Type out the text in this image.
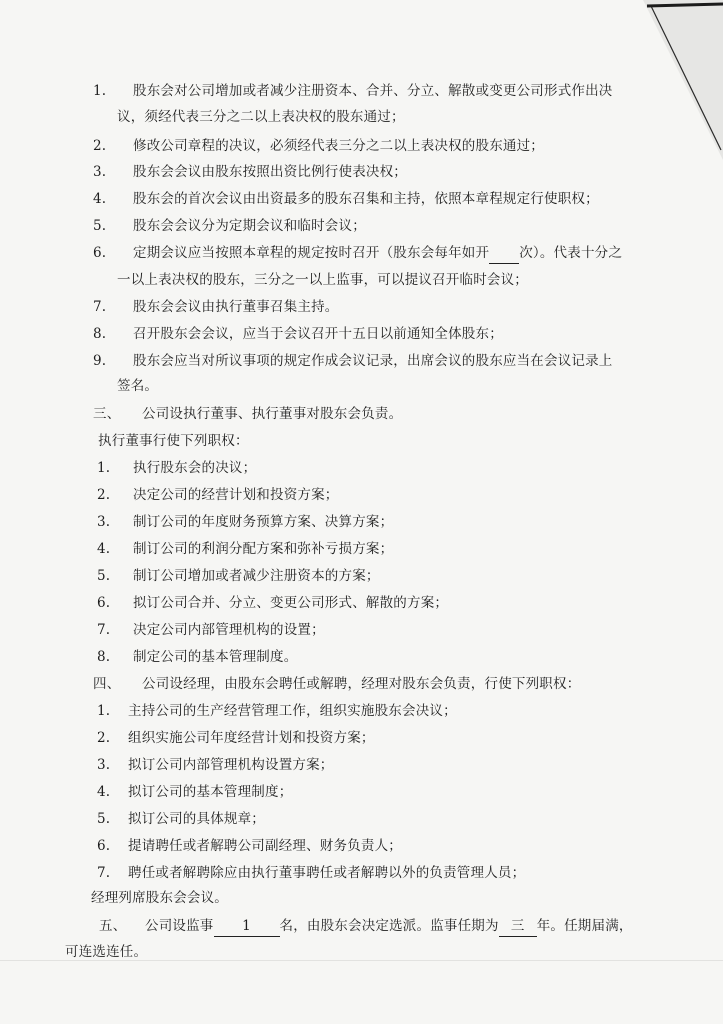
1. 股东会对公司增加或者减少注册资本、合并、分立、解散或变更公司形式作出决
议，须经代表三分之二以上表决权的股东通过；
2. 修改公司章程的决议，必须经代表三分之二以上表决权的股东通过；
3. 股东会会议由股东按照出资比例行使表决权；
4. 股东会的首次会议由出资最多的股东召集和主持，依照本章程规定行使职权；
5. 股东会会议分为定期会议和临时会议；
6. 定期会议应当按照本章程的规定按时召开（股东会每年如开 次）。代表十分之
一以上表决权的股东，三分之一以上监事，可以提议召开临时会议；
7. 股东会会议由执行董事召集主持。
8. 召开股东会会议，应当于会议召开十五日以前通知全体股东；
9. 股东会应当对所议事项的规定作成会议记录，出席会议的股东应当在会议记录上
签名。
三、 公司设执行董事、执行董事对股东会负责。
执行董事行使下列职权：
1. 执行股东会的决议；
2. 决定公司的经营计划和投资方案；
3. 制订公司的年度财务预算方案、决算方案；
4. 制订公司的利润分配方案和弥补亏损方案；
5. 制订公司增加或者减少注册资本的方案；
6. 拟订公司合并、分立、变更公司形式、解散的方案；
7. 决定公司内部管理机构的设置；
8. 制定公司的基本管理制度。
四、 公司设经理，由股东会聘任或解聘，经理对股东会负责，行使下列职权：
1. 主持公司的生产经营管理工作，组织实施股东会决议；
2. 组织实施公司年度经营计划和投资方案；
3. 拟订公司内部管理机构设置方案；
4. 拟订公司的基本管理制度；
5. 拟订公司的具体规章；
6. 提请聘任或者解聘公司副经理、财务负责人；
7. 聘任或者解聘除应由执行董事聘任或者解聘以外的负责管理人员；
经理列席股东会会议。
五、 公司设监事 1 名，由股东会决定选派。监事任期为 三 年。任期届满，
可连选连任。
